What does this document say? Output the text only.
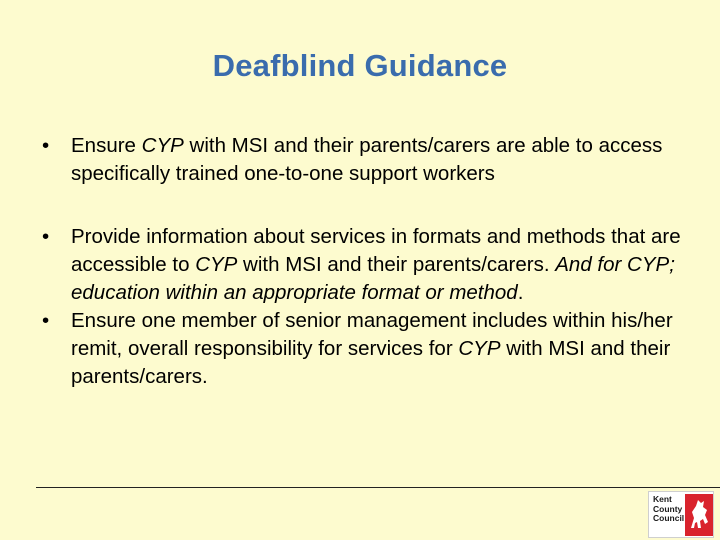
Deafblind Guidance
• Ensure CYP with MSI and their parents/carers are able to access specifically trained one-to-one support workers
• Provide information about services in formats and methods that are accessible to CYP with MSI and their parents/carers. And for CYP; education within an appropriate format or method.
• Ensure one member of senior management includes within his/her remit, overall responsibility for services for CYP with MSI and their parents/carers.
Kent
County
Council
